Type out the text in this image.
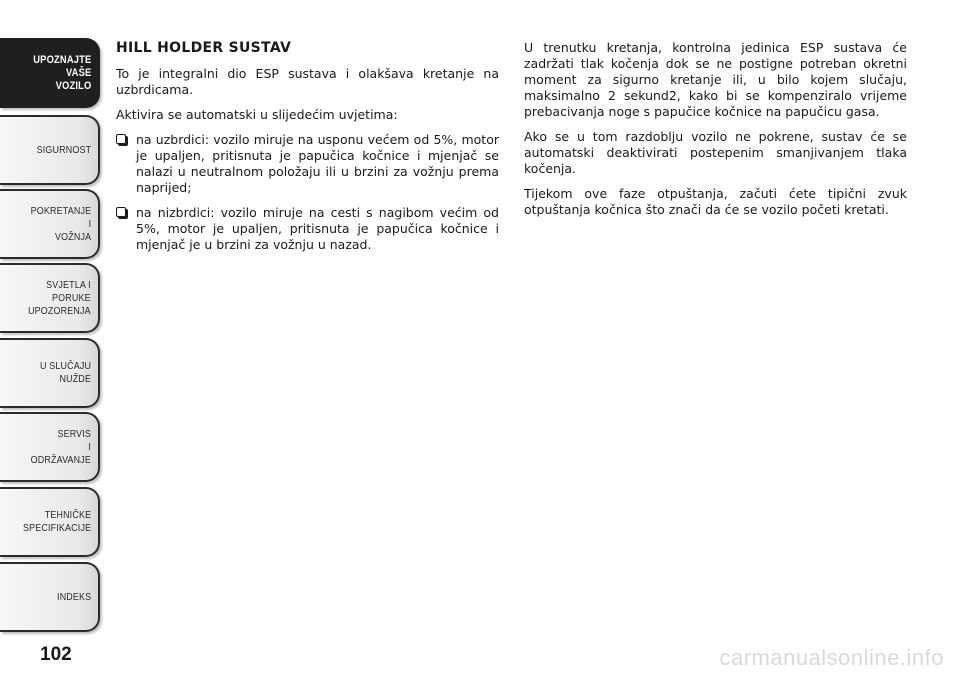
UPOZNAJTE
VAŠE
VOZILO
SIGURNOST
POKRETANJE
I
VOŽNJA
SVJETLA I
PORUKE
UPOZORENJA
U SLUČAJU
NUŽDE
SERVIS
I
ODRŽAVANJE
TEHNIČKE
SPECIFIKACIJE
INDEKS
102
HILL HOLDER SUSTAV

To je integralni dio ESP sustava i olakšava kretanje na uzbrdicama.

Aktivira se automatski u slijedećim uvjetima:

na uzbrdici: vozilo miruje na usponu većem od 5%, motor je upaljen, pritisnuta je papučica kočnice i mjenjač se nalazi u neutralnom položaju ili u brzini za vožnju prema naprijed;
na nizbrdici: vozilo miruje na cesti s nagibom većim od 5%, motor je upaljen, pritisnuta je papučica kočnice i mjenjač je u brzini za vožnju u nazad.

U trenutku kretanja, kontrolna jedinica ESP sustava će zadržati tlak kočenja dok se ne postigne potreban okretni moment za sigurno kretanje ili, u bilo kojem slučaju, maksimalno 2 sekund2, kako bi se kompenziralo vrijeme prebacivanja noge s papučice kočnice na papučicu gasa.

Ako se u tom razdoblju vozilo ne pokrene, sustav će se automatski deaktivirati postepenim smanjivanjem tlaka kočenja.

Tijekom ove faze otpuštanja, začuti ćete tipični zvuk otpuštanja kočnica što znači da će se vozilo početi kretati.

carmanualsonline.info
